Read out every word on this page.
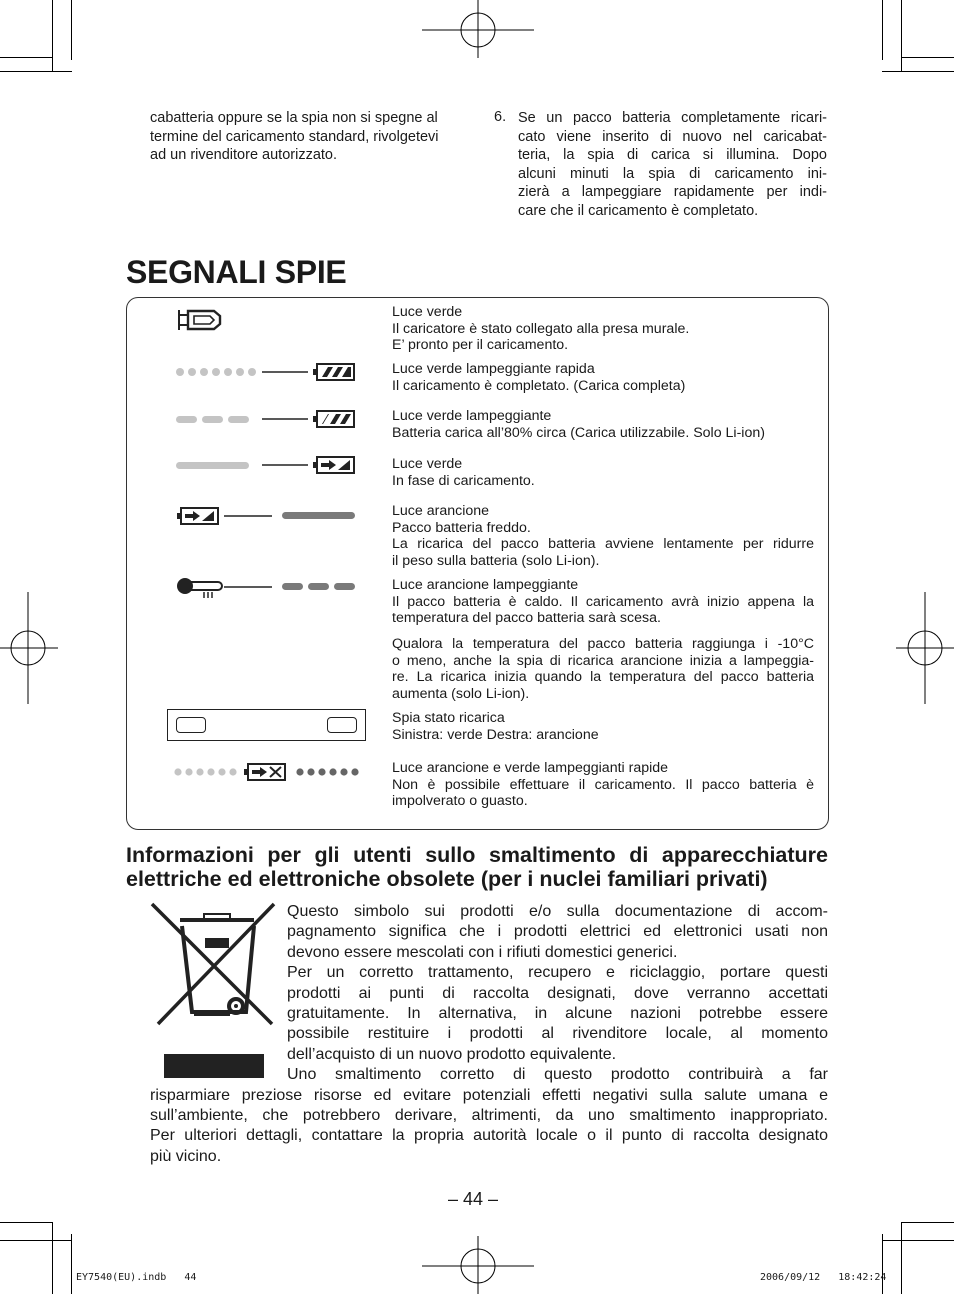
cabatteria oppure se la spia non si spegne al
termine del caricamento standard, rivolgetevi
ad un rivenditore autorizzato.
6. Se un pacco batteria completamente ricari-
cato viene inserito di nuovo nel caricabat-
teria, la spia di carica si illumina. Dopo
alcuni minuti la spia di caricamento ini-
zierà a lampeggiare rapidamente per indi-
care che il caricamento è completato.
SEGNALI SPIE
Luce verde
Il caricatore è stato collegato alla presa murale.
E’ pronto per il caricamento.
Luce verde lampeggiante rapida
Il caricamento è completato. (Carica completa)
Luce verde lampeggiante
Batteria carica all’80% circa (Carica utilizzabile. Solo Li-ion)
Luce verde
In fase di caricamento.
Luce arancione
Pacco batteria freddo.
La ricarica del pacco batteria avviene lentamente per ridurre
il peso sulla batteria (solo Li-ion).
Luce arancione lampeggiante
Il pacco batteria è caldo. Il caricamento avrà inizio appena la
temperatura del pacco batteria sarà scesa.
Qualora la temperatura del pacco batteria raggiunga i -10°C
o meno, anche la spia di ricarica arancione inizia a lampeggia-
re. La ricarica inizia quando la temperatura del pacco batteria
aumenta (solo Li-ion).
Spia stato ricarica
Sinistra: verde Destra: arancione
Luce arancione e verde lampeggianti rapide
Non è possibile effettuare il caricamento. Il pacco batteria è
impolverato o guasto.
Informazioni per gli utenti sullo smaltimento di apparecchiature
elettriche ed elettroniche obsolete (per i nuclei familiari privati)
Questo simbolo sui prodotti e/o sulla documentazione di accom-
pagnamento significa che i prodotti elettrici ed elettronici usati non
devono essere mescolati con i rifiuti domestici generici.
Per un corretto trattamento, recupero e riciclaggio, portare questi
prodotti ai punti di raccolta designati, dove verranno accettati
gratuitamente. In alternativa, in alcune nazioni potrebbe essere
possibile restituire i prodotti al rivenditore locale, al momento
dell’acquisto di un nuovo prodotto equivalente.
Uno smaltimento corretto di questo prodotto contribuirà a far
risparmiare preziose risorse ed evitare potenziali effetti negativi sulla salute umana e
sull’ambiente, che potrebbero derivare, altrimenti, da uno smaltimento inappropriato.
Per ulteriori dettagli, contattare la propria autorità locale o il punto di raccolta designato
più vicino.
– 44 –
EY7540(EU).indb   44	2006/09/12   18:42:24
